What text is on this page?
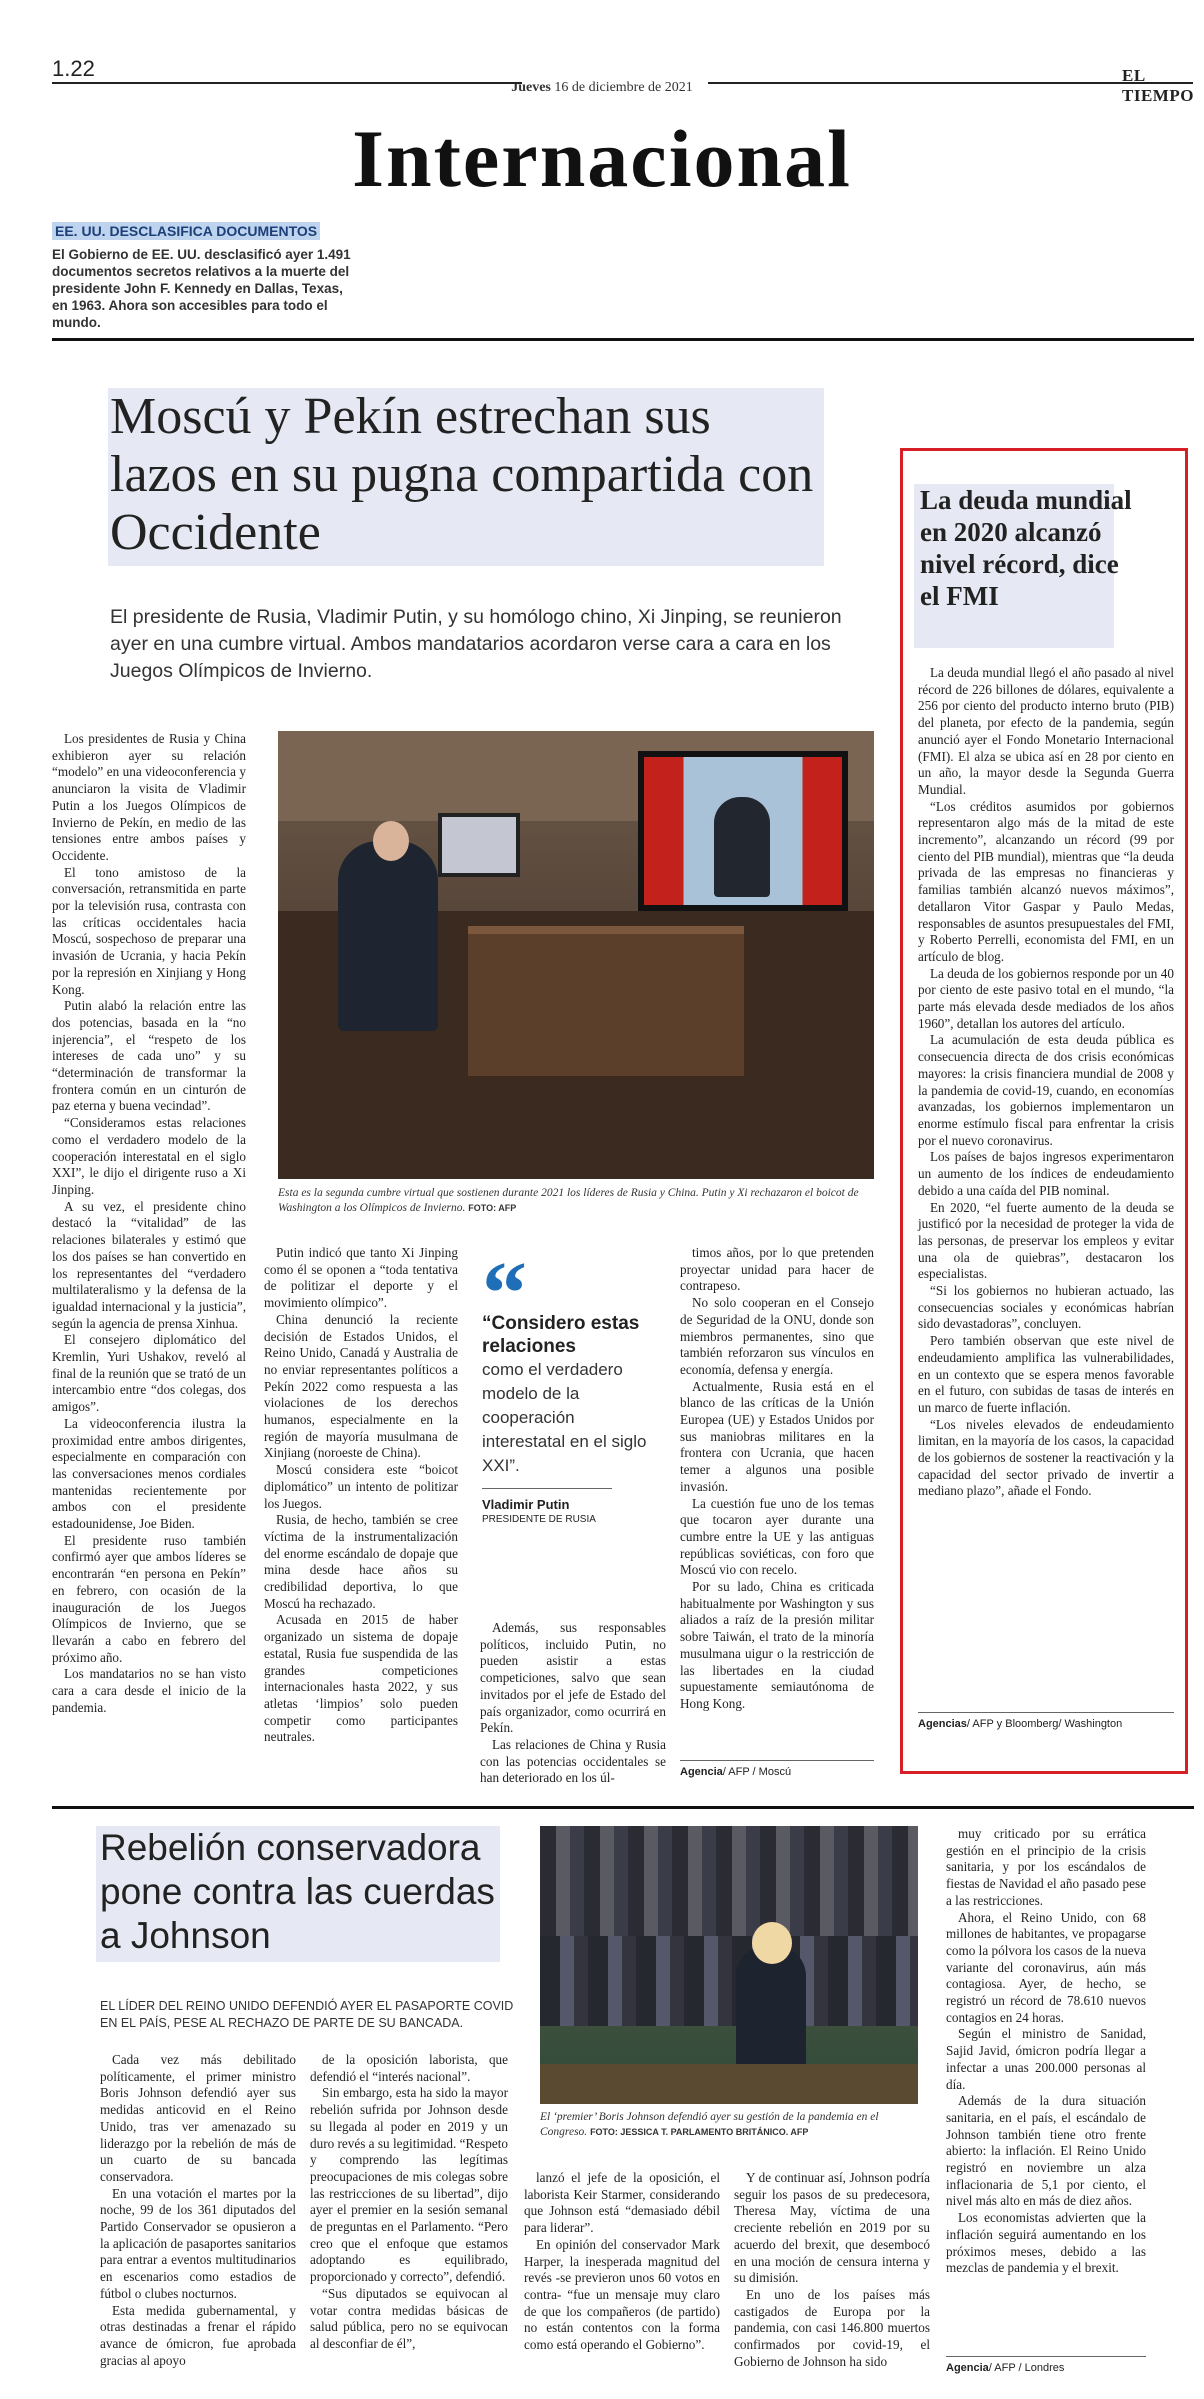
1.22
Jueves 16 de diciembre de 2021
EL TIEMPO
Internacional
EE. UU. DESCLASIFICA DOCUMENTOS
El Gobierno de EE. UU. desclasificó ayer 1.491 documentos secretos relativos a la muerte del presidente John F. Kennedy en Dallas, Texas, en 1963. Ahora son accesibles para todo el mundo.
Moscú y Pekín estrechan sus lazos en su pugna compartida con Occidente
El presidente de Rusia, Vladimir Putin, y su homólogo chino, Xi Jinping, se reunieron ayer en una cumbre virtual. Ambos mandatarios acordaron verse cara a cara en los Juegos Olímpicos de Invierno.

Los presidentes de Rusia y China exhibieron ayer su relación “modelo” en una videoconferencia y anunciaron la visita de Vladimir Putin a los Juegos Olímpicos de Invierno de Pekín, en medio de las tensiones entre ambos países y Occidente.

El tono amistoso de la conversación, retransmitida en parte por la televisión rusa, contrasta con las críticas occidentales hacia Moscú, sospechoso de preparar una invasión de Ucrania, y hacia Pekín por la represión en Xinjiang y Hong Kong.

Putin alabó la relación entre las dos potencias, basada en la “no injerencia”, el “respeto de los intereses de cada uno” y su “determinación de transformar la frontera común en un cinturón de paz eterna y buena vecindad”.

“Consideramos estas relaciones como el verdadero modelo de la cooperación interestatal en el siglo XXI”, le dijo el dirigente ruso a Xi Jinping.

A su vez, el presidente chino destacó la “vitalidad” de las relaciones bilaterales y estimó que los dos países se han convertido en los representantes del “verdadero multilateralismo y la defensa de la igualdad internacional y la justicia”, según la agencia de prensa Xinhua.

El consejero diplomático del Kremlin, Yuri Ushakov, reveló al final de la reunión que se trató de un intercambio entre “dos colegas, dos amigos”.

La videoconferencia ilustra la proximidad entre ambos dirigentes, especialmente en comparación con las conversaciones menos cordiales mantenidas recientemente por ambos con el presidente estadounidense, Joe Biden.

El presidente ruso también confirmó ayer que ambos líderes se encontrarán “en persona en Pekín” en febrero, con ocasión de la inauguración de los Juegos Olímpicos de Invierno, que se llevarán a cabo en febrero del próximo año.

Los mandatarios no se han visto cara a cara desde el inicio de la pandemia.

Esta es la segunda cumbre virtual que sostienen durante 2021 los líderes de Rusia y China. Putin y Xi rechazaron el boicot de Washington a los Olímpicos de Invierno. FOTO: AFP

Putin indicó que tanto Xi Jinping como él se oponen a “toda tentativa de politizar el deporte y el movimiento olímpico”.

China denunció la reciente decisión de Estados Unidos, el Reino Unido, Canadá y Australia de no enviar representantes políticos a Pekín 2022 como respuesta a las violaciones de los derechos humanos, especialmente en la región de mayoría musulmana de Xinjiang (noroeste de China).

Moscú considera este “boicot diplomático” un intento de politizar los Juegos.

Rusia, de hecho, también se cree víctima de la instrumentalización del enorme escándalo de dopaje que mina desde hace años su credibilidad deportiva, lo que Moscú ha rechazado.

Acusada en 2015 de haber organizado un sistema de dopaje estatal, Rusia fue suspendida de las grandes competiciones internacionales hasta 2022, y sus atletas ‘limpios’ solo pueden competir como participantes neutrales.

“
“Considero estas relaciones
como el verdadero modelo de la cooperación interestatal en el siglo XXI”.
Vladimir Putin
PRESIDENTE DE RUSIA

Además, sus responsables políticos, incluido Putin, no pueden asistir a estas competiciones, salvo que sean invitados por el jefe de Estado del país organizador, como ocurrirá en Pekín.

Las relaciones de China y Rusia con las potencias occidentales se han deteriorado en los úl-

timos años, por lo que pretenden proyectar unidad para hacer de contrapeso.

No solo cooperan en el Consejo de Seguridad de la ONU, donde son miembros permanentes, sino que también reforzaron sus vínculos en economía, defensa y energía.

Actualmente, Rusia está en el blanco de las críticas de la Unión Europea (UE) y Estados Unidos por sus maniobras militares en la frontera con Ucrania, que hacen temer a algunos una posible invasión.

La cuestión fue uno de los temas que tocaron ayer durante una cumbre entre la UE y las antiguas repúblicas soviéticas, con foro que Moscú vio con recelo.

Por su lado, China es criticada habitualmente por Washington y sus aliados a raíz de la presión militar sobre Taiwán, el trato de la minoría musulmana uigur o la restricción de las libertades en la ciudad supuestamente semiautónoma de Hong Kong.

Agencia/ AFP / Moscú
La deuda mundial en 2020 alcanzó nivel récord, dice el FMI

La deuda mundial llegó el año pasado al nivel récord de 226 billones de dólares, equivalente a 256 por ciento del producto interno bruto (PIB) del planeta, por efecto de la pandemia, según anunció ayer el Fondo Monetario Internacional (FMI). El alza se ubica así en 28 por ciento en un año, la mayor desde la Segunda Guerra Mundial.

“Los créditos asumidos por gobiernos representaron algo más de la mitad de este incremento”, alcanzando un récord (99 por ciento del PIB mundial), mientras que “la deuda privada de las empresas no financieras y familias también alcanzó nuevos máximos”, detallaron Vitor Gaspar y Paulo Medas, responsables de asuntos presupuestales del FMI, y Roberto Perrelli, economista del FMI, en un artículo de blog.

La deuda de los gobiernos responde por un 40 por ciento de este pasivo total en el mundo, “la parte más elevada desde mediados de los años 1960”, detallan los autores del artículo.

La acumulación de esta deuda pública es consecuencia directa de dos crisis económicas mayores: la crisis financiera mundial de 2008 y la pandemia de covid-19, cuando, en economías avanzadas, los gobiernos implementaron un enorme estímulo fiscal para enfrentar la crisis por el nuevo coronavirus.

Los países de bajos ingresos experimentaron un aumento de los índices de endeudamiento debido a una caída del PIB nominal.

En 2020, “el fuerte aumento de la deuda se justificó por la necesidad de proteger la vida de las personas, de preservar los empleos y evitar una ola de quiebras”, destacaron los especialistas.

“Si los gobiernos no hubieran actuado, las consecuencias sociales y económicas habrían sido devastadoras”, concluyen.

Pero también observan que este nivel de endeudamiento amplifica las vulnerabilidades, en un contexto que se espera menos favorable en el futuro, con subidas de tasas de interés en un marco de fuerte inflación.

“Los niveles elevados de endeudamiento limitan, en la mayoría de los casos, la capacidad de los gobiernos de sostener la reactivación y la capacidad del sector privado de invertir a mediano plazo”, añade el Fondo.

Agencias/ AFP y Bloomberg/ Washington
Rebelión conservadora pone contra las cuerdas a Johnson
EL LÍDER DEL REINO UNIDO DEFENDIÓ AYER EL PASAPORTE COVID EN EL PAÍS, PESE AL RECHAZO DE PARTE DE SU BANCADA.

Cada vez más debilitado políticamente, el primer ministro Boris Johnson defendió ayer sus medidas anticovid en el Reino Unido, tras ver amenazado su liderazgo por la rebelión de más de un cuarto de su bancada conservadora.

En una votación el martes por la noche, 99 de los 361 diputados del Partido Conservador se opusieron a la aplicación de pasaportes sanitarios para entrar a eventos multitudinarios en escenarios como estadios de fútbol o clubes nocturnos.

Esta medida gubernamental, y otras destinadas a frenar el rápido avance de ómicron, fue aprobada gracias al apoyo

de la oposición laborista, que defendió el “interés nacional”.

Sin embargo, esta ha sido la mayor rebelión sufrida por Johnson desde su llegada al poder en 2019 y un duro revés a su legitimidad. “Respeto y comprendo las legítimas preocupaciones de mis colegas sobre las restricciones de su libertad”, dijo ayer el premier en la sesión semanal de preguntas en el Parlamento. “Pero creo que el enfoque que estamos adoptando es equilibrado, proporcionado y correcto”, defendió.

“Sus diputados se equivocan al votar contra medidas básicas de salud pública, pero no se equivocan al desconfiar de él”,

El ‘premier’ Boris Johnson defendió ayer su gestión de la pandemia en el Congreso. FOTO: JESSICA T. PARLAMENTO BRITÁNICO. AFP

lanzó el jefe de la oposición, el laborista Keir Starmer, considerando que Johnson está “demasiado débil para liderar”.

En opinión del conservador Mark Harper, la inesperada magnitud del revés -se previeron unos 60 votos en contra- “fue un mensaje muy claro de que los compañeros (de partido) no están contentos con la forma como está operando el Gobierno”.

Y de continuar así, Johnson podría seguir los pasos de su predecesora, Theresa May, víctima de una creciente rebelión en 2019 por su acuerdo del brexit, que desembocó en una moción de censura interna y su dimisión.

En uno de los países más castigados de Europa por la pandemia, con casi 146.800 muertos confirmados por covid-19, el Gobierno de Johnson ha sido

muy criticado por su errática gestión en el principio de la crisis sanitaria, y por los escándalos de fiestas de Navidad el año pasado pese a las restricciones.

Ahora, el Reino Unido, con 68 millones de habitantes, ve propagarse como la pólvora los casos de la nueva variante del coronavirus, aún más contagiosa. Ayer, de hecho, se registró un récord de 78.610 nuevos contagios en 24 horas.

Según el ministro de Sanidad, Sajid Javid, ómicron podría llegar a infectar a unas 200.000 personas al día.

Además de la dura situación sanitaria, en el país, el escándalo de Johnson también tiene otro frente abierto: la inflación. El Reino Unido registró en noviembre un alza inflacionaria de 5,1 por ciento, el nivel más alto en más de diez años.

Los economistas advierten que la inflación seguirá aumentando en los próximos meses, debido a las mezclas de pandemia y el brexit.

Agencia/ AFP / Londres
